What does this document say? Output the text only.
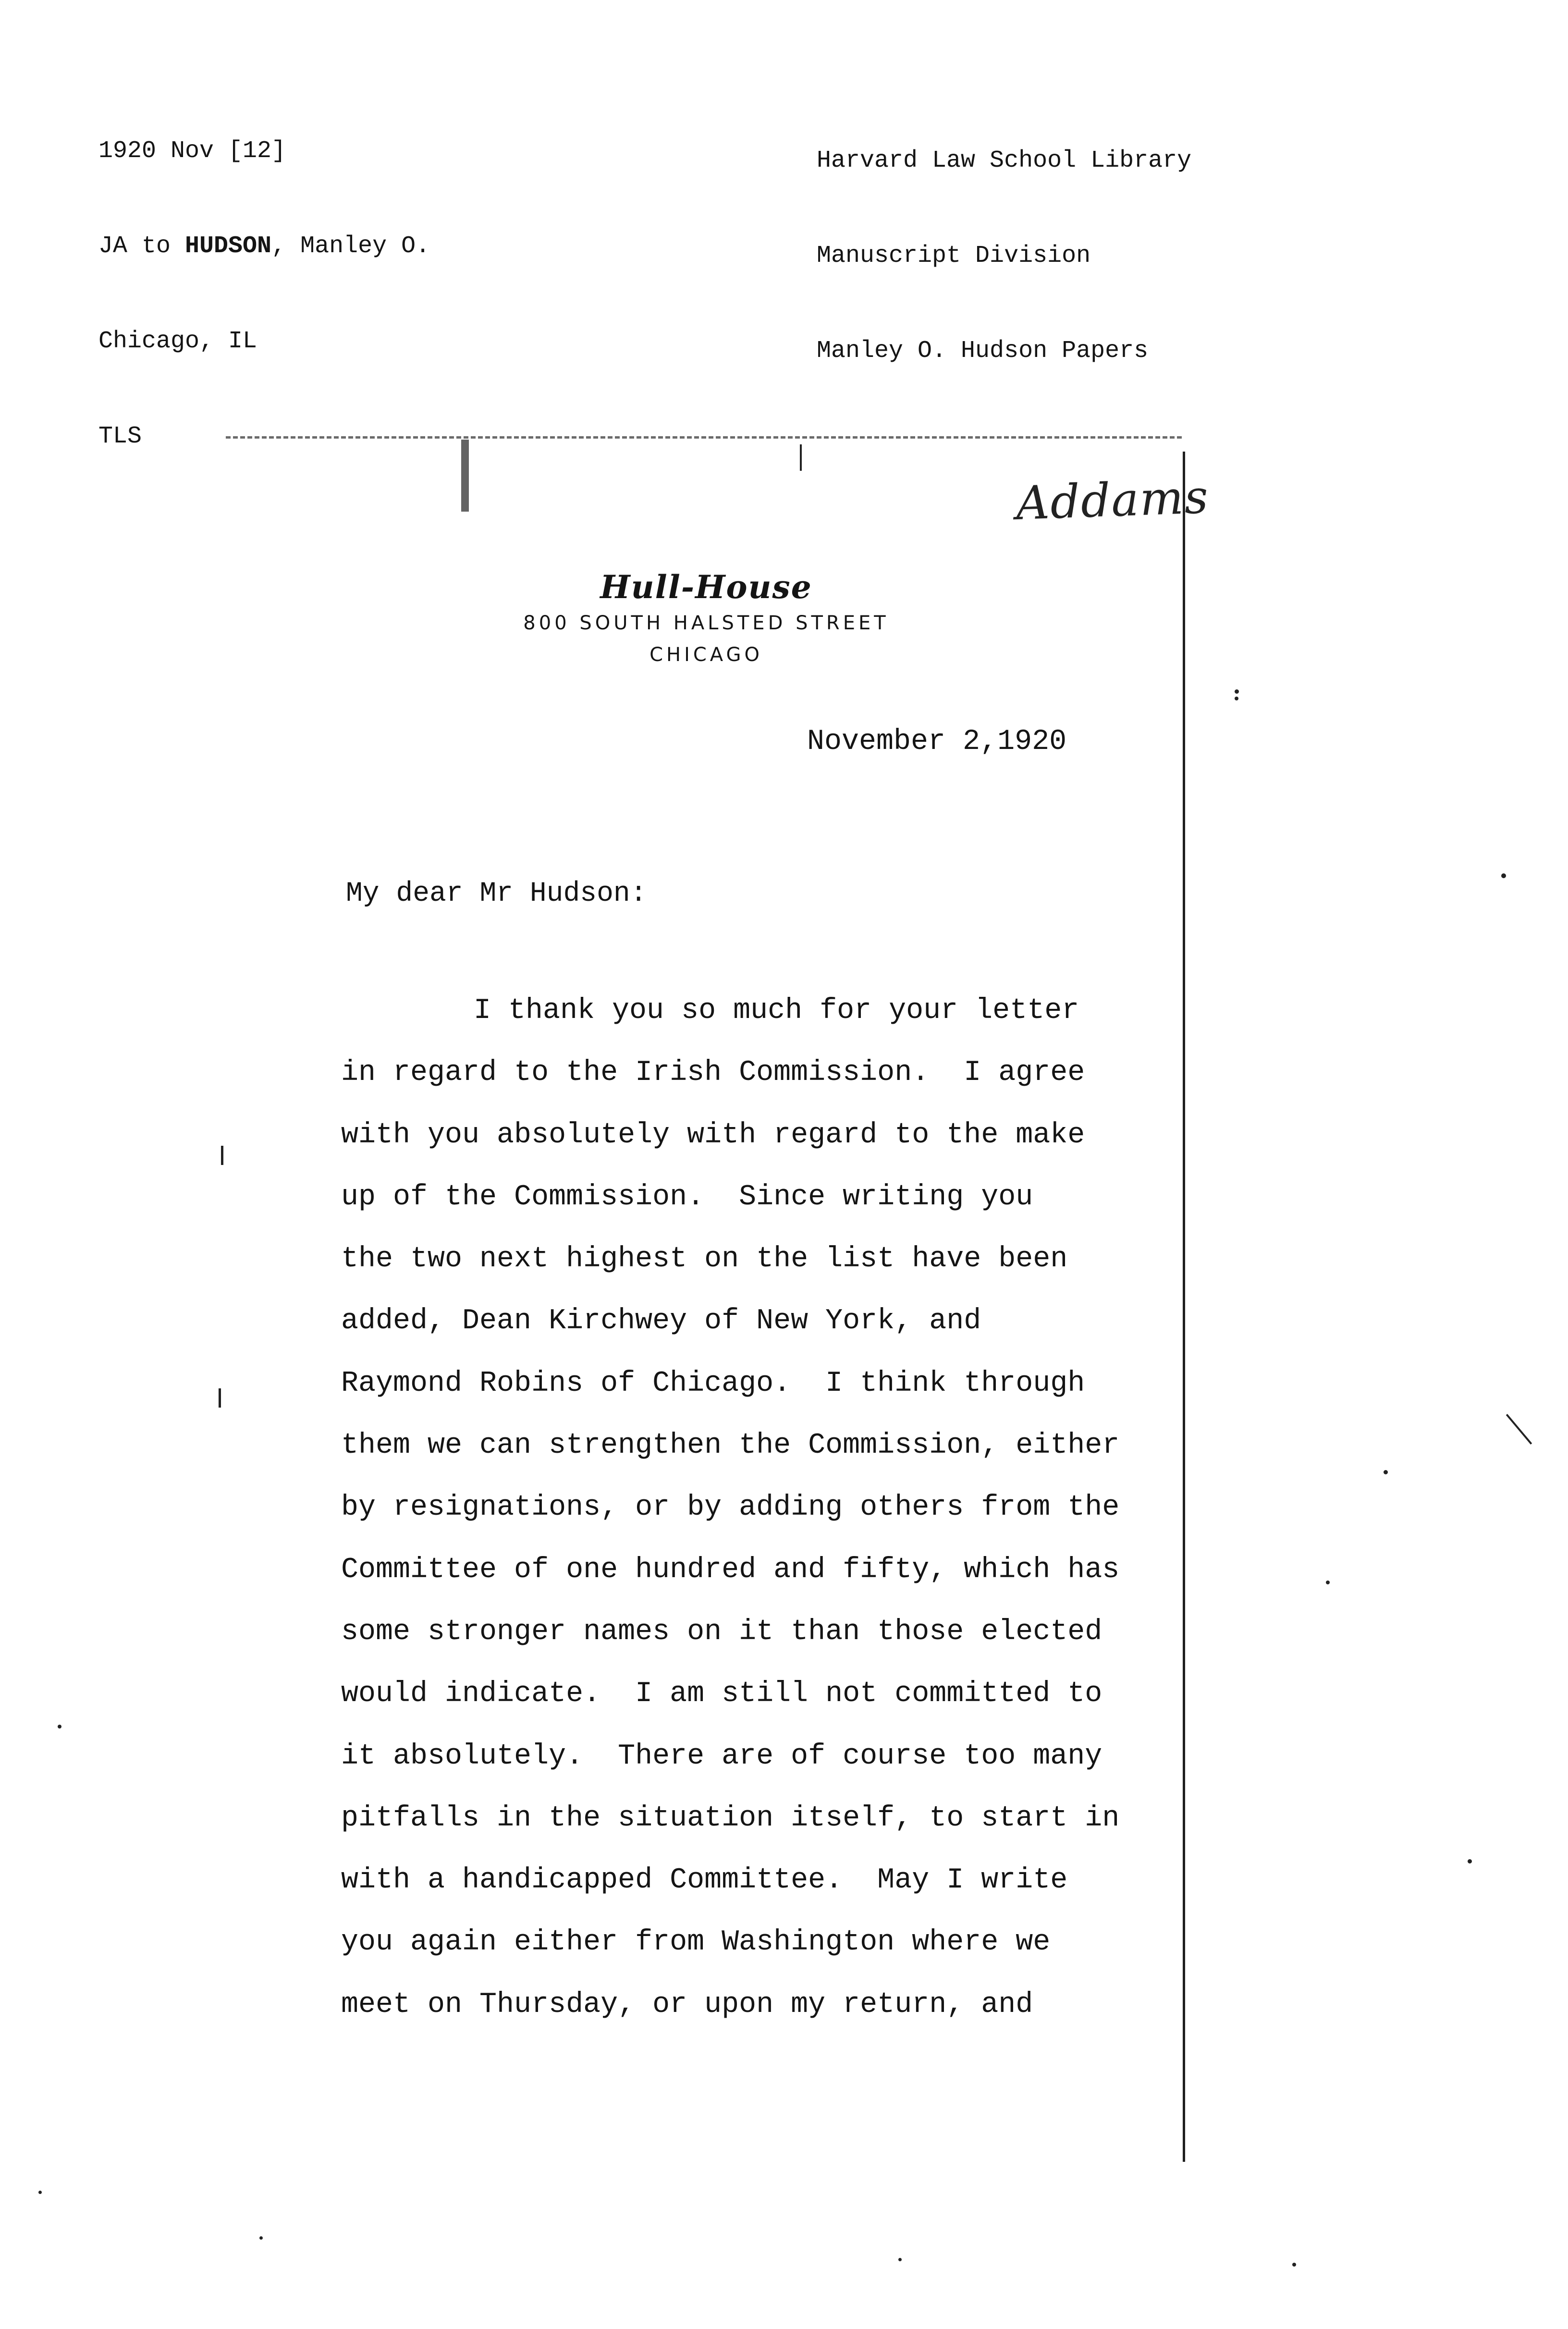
1920 Nov [12]

JA to HUDSON, Manley O.

Chicago, IL

TLS

Harvard Law School Library

Manuscript Division

Manley O. Hudson Papers

Addams
Hull-House
800 SOUTH HALSTED STREET
CHICAGO
November 2,1920
My dear Mr Hudson:
I thank you so much for your letter
in regard to the Irish Commission.  I agree
with you absolutely with regard to the make
up of the Commission.  Since writing you
the two next highest on the list have been
added, Dean Kirchwey of New York, and
Raymond Robins of Chicago.  I think through
them we can strengthen the Commission, either
by resignations, or by adding others from the
Committee of one hundred and fifty, which has
some stronger names on it than those elected
would indicate.  I am still not committed to
it absolutely.  There are of course too many
pitfalls in the situation itself, to start in
with a handicapped Committee.  May I write
you again either from Washington where we
meet on Thursday, or upon my return, and
